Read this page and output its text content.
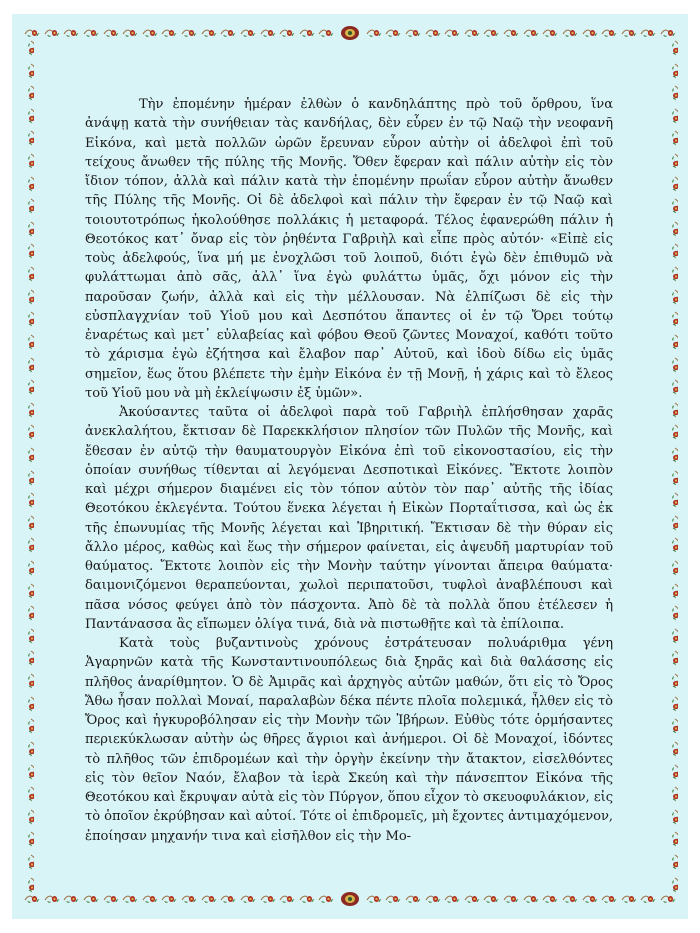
Τὴν ἐπομένην ἡμέραν ἐλθὼν ὁ κανδηλάπτης πρὸ τοῦ ὄρθρου, ἵνα ἀνάψῃ κατὰ τὴν συνήθειαν τὰς κανδήλας, δὲν εὗρεν ἐν τῷ Ναῷ τὴν νεοφανῆ Εἰκόνα, καὶ μετὰ πολλῶν ὡρῶν ἔρευναν εὗρον αὐτὴν οἱ ἀδελφοὶ ἐπὶ τοῦ τείχους ἄνωθεν τῆς πύλης τῆς Μονῆς. Ὅθεν ἔφεραν καὶ πάλιν αὐτὴν εἰς τὸν ἴδιον τόπον, ἀλλὰ καὶ πάλιν κατὰ τὴν ἐπομένην πρωΐαν εὗρον αὐτὴν ἄνωθεν τῆς Πύλης τῆς Μονῆς. Οἱ δὲ ἀδελφοὶ καὶ πάλιν τὴν ἔφεραν ἐν τῷ Ναῷ καὶ τοιουτοτρόπως ἠκολούθησε πολλάκις ἡ μεταφορά. Τέλος ἐφανερώθη πάλιν ἡ Θεοτόκος κατ᾽ ὄναρ εἰς τὸν ῥηθέντα Γαβριὴλ καὶ εἶπε πρὸς αὐτόν· «Εἰπὲ εἰς τοὺς ἀδελφούς, ἵνα μή με ἐνοχλῶσι τοῦ λοιποῦ, διότι ἐγὼ δὲν ἐπιθυμῶ νὰ φυλάττωμαι ἀπὸ σᾶς, ἀλλ᾽ ἵνα ἐγὼ φυλάττω ὑμᾶς, ὄχι μόνον εἰς τὴν παροῦσαν ζωήν, ἀλλὰ καὶ εἰς τὴν μέλλουσαν. Νὰ ἐλπίζωσι δὲ εἰς τὴν εὐσπλαγχνίαν τοῦ Υἱοῦ μου καὶ Δεσπότου ἅπαντες οἱ ἐν τῷ Ὄρει τούτῳ ἐναρέτως καὶ μετ᾽ εὐλαβείας καὶ φόβου Θεοῦ ζῶντες Μοναχοί, καθότι τοῦτο τὸ χάρισμα ἐγὼ ἐζήτησα καὶ ἔλαβον παρ᾽ Αὐτοῦ, καὶ ἰδοὺ δίδω εἰς ὑμᾶς σημεῖον, ἕως ὅτου βλέπετε τὴν ἐμὴν Εἰκόνα ἐν τῇ Μονῇ, ἡ χάρις καὶ τὸ ἔλεος τοῦ Υἱοῦ μου νὰ μὴ ἐκλείψωσιν ἐξ ὑμῶν».

Ἀκούσαντες ταῦτα οἱ ἀδελφοὶ παρὰ τοῦ Γαβριὴλ ἐπλήσθησαν χαρᾶς ἀνεκλαλήτου, ἔκτισαν δὲ Παρεκκλήσιον πλησίον τῶν Πυλῶν τῆς Μονῆς, καὶ ἔθεσαν ἐν αὐτῷ τὴν θαυματουργὸν Εἰκόνα ἐπὶ τοῦ εἰκονοστασίου, εἰς τὴν ὁποίαν συνήθως τίθενται αἱ λεγόμεναι Δεσποτικαὶ Εἰκόνες. Ἔκτοτε λοιπὸν καὶ μέχρι σήμερον διαμένει εἰς τὸν τόπον αὐτὸν τὸν παρ᾽ αὐτῆς τῆς ἰδίας Θεοτόκου ἐκλεγέντα. Τούτου ἕνεκα λέγεται ἡ Εἰκὼν Πορταΐτισσα, καὶ ὡς ἐκ τῆς ἐπωνυμίας τῆς Μονῆς λέγεται καὶ Ἰβηριτική. Ἔκτισαν δὲ τὴν θύραν εἰς ἄλλο μέρος, καθὼς καὶ ἕως τὴν σήμερον φαίνεται, εἰς ἀψευδῆ μαρτυρίαν τοῦ θαύματος. Ἔκτοτε λοιπὸν εἰς τὴν Μονὴν ταύτην γίνονται ἄπειρα θαύματα· δαιμονιζόμενοι θεραπεύονται, χωλοὶ περιπατοῦσι, τυφλοὶ ἀναβλέπουσι καὶ πᾶσα νόσος φεύγει ἀπὸ τὸν πάσχοντα. Ἀπὸ δὲ τὰ πολλὰ ὅπου ἐτέλεσεν ἡ Παντάνασσα ἂς εἴπωμεν ὀλίγα τινά, διὰ νὰ πιστωθῇτε καὶ τὰ ἐπίλοιπα.

Κατὰ τοὺς βυζαντινοὺς χρόνους ἐστράτευσαν πολυάριθμα γένη Ἀγαρηνῶν κατὰ τῆς Κωνσταντινουπόλεως διὰ ξηρᾶς καὶ διὰ θαλάσσης εἰς πλῆθος ἀναρίθμητον. Ὁ δὲ Ἀμιρᾶς καὶ ἀρχηγὸς αὐτῶν μαθών, ὅτι εἰς τὸ Ὄρος Ἄθω ἦσαν πολλαὶ Μοναί, παραλαβὼν δέκα πέντε πλοῖα πολεμικά, ἦλθεν εἰς τὸ Ὄρος καὶ ἠγκυροβόλησαν εἰς τὴν Μονὴν τῶν Ἰβήρων. Εὐθὺς τότε ὁρμήσαντες περιεκύκλωσαν αὐτὴν ὡς θῆρες ἄγριοι καὶ ἀνήμεροι. Οἱ δὲ Μοναχοί, ἰδόντες τὸ πλῆθος τῶν ἐπιδρομέων καὶ τὴν ὀργὴν ἐκείνην τὴν ἄτακτον, εἰσελθόντες εἰς τὸν θεῖον Ναόν, ἔλαβον τὰ ἱερὰ Σκεύη καὶ τὴν πάνσεπτον Εἰκόνα τῆς Θεοτόκου καὶ ἔκρυψαν αὐτὰ εἰς τὸν Πύργον, ὅπου εἶχον τὸ σκευοφυλάκιον, εἰς τὸ ὁποῖον ἐκρύβησαν καὶ αὐτοί. Τότε οἱ ἐπιδρομεῖς, μὴ ἔχοντες ἀντιμαχόμενον, ἐποίησαν μηχανήν τινα καὶ εἰσῆλθον εἰς τὴν Μο-
